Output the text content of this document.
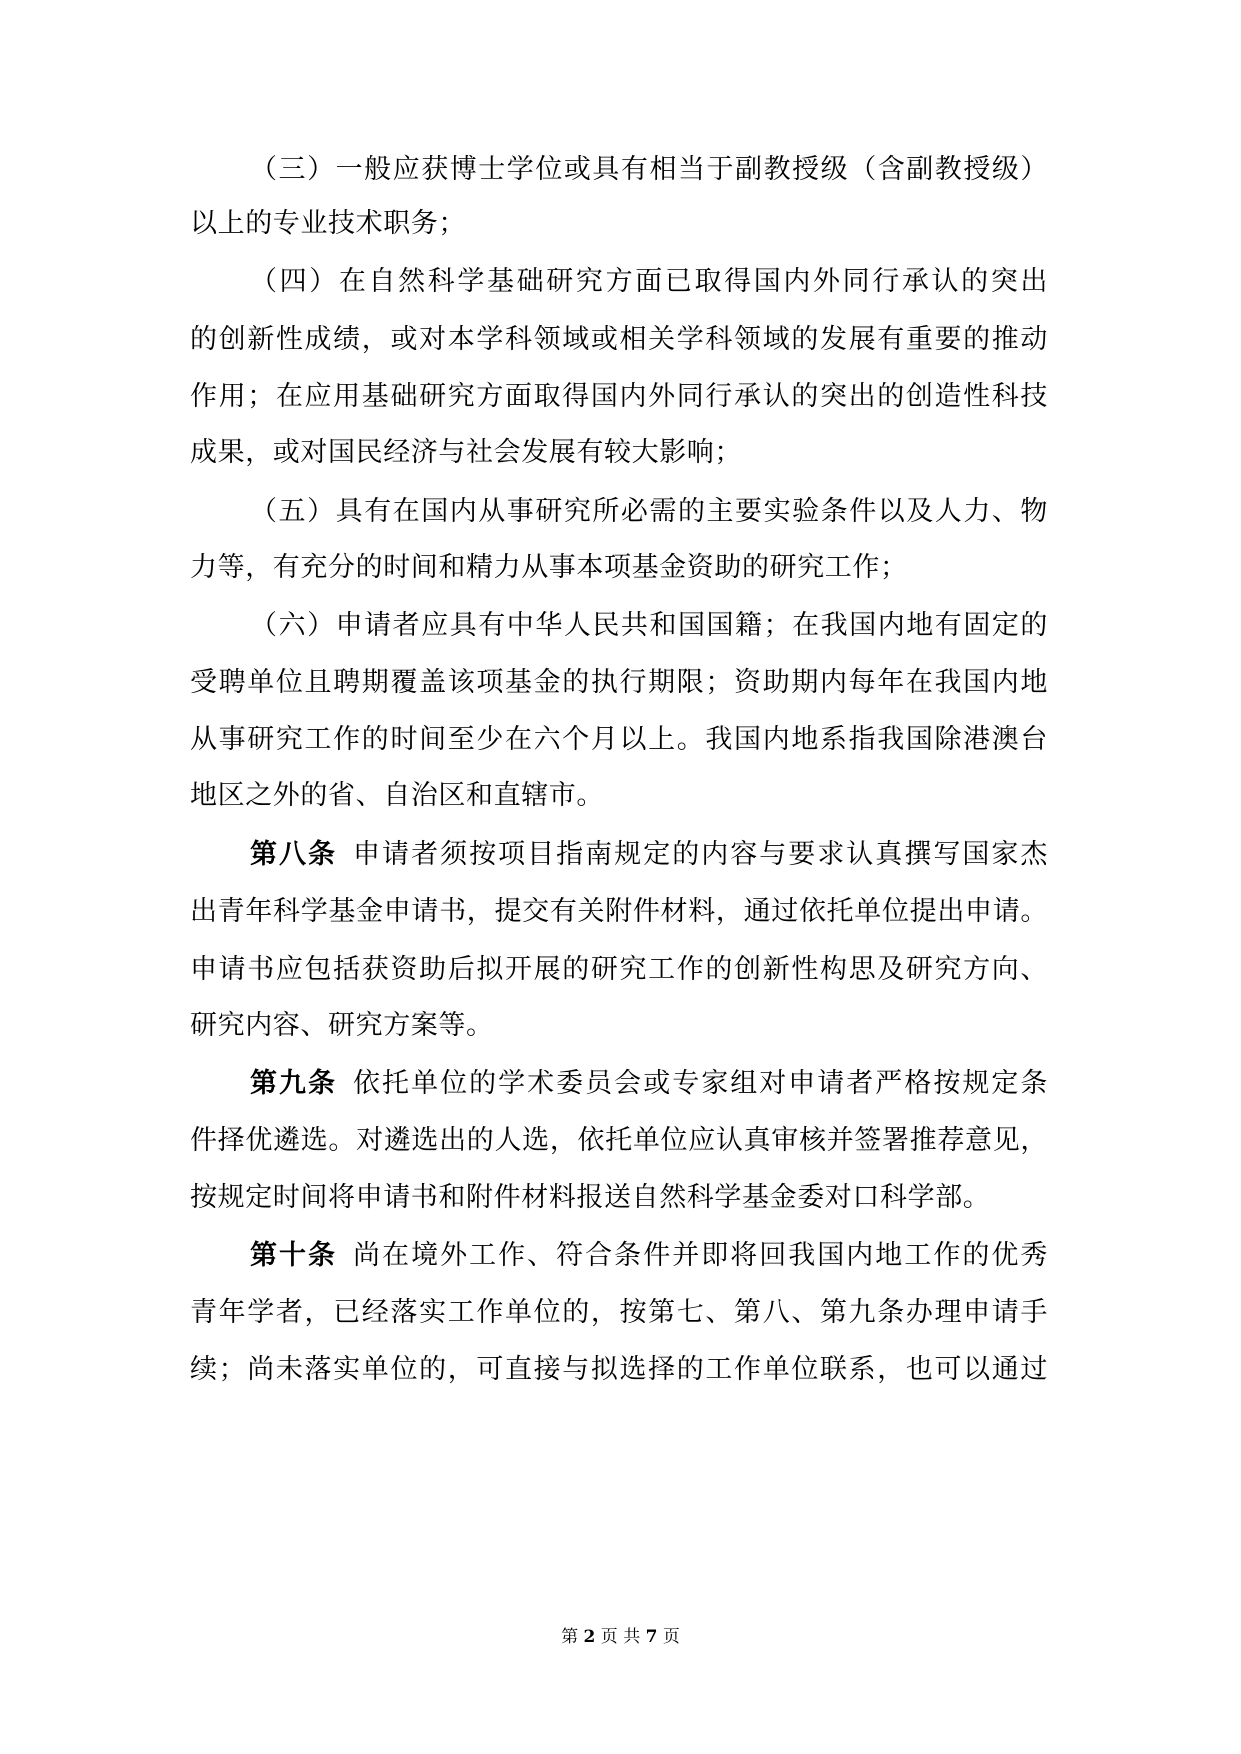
（三）一般应获博士学位或具有相当于副教授级（含副教授级）
以上的专业技术职务；
（四）在自然科学基础研究方面已取得国内外同行承认的突出
的创新性成绩，或对本学科领域或相关学科领域的发展有重要的推动
作用；在应用基础研究方面取得国内外同行承认的突出的创造性科技
成果，或对国民经济与社会发展有较大影响；
（五）具有在国内从事研究所必需的主要实验条件以及人力、物
力等，有充分的时间和精力从事本项基金资助的研究工作；
（六）申请者应具有中华人民共和国国籍；在我国内地有固定的
受聘单位且聘期覆盖该项基金的执行期限；资助期内每年在我国内地
从事研究工作的时间至少在六个月以上。我国内地系指我国除港澳台
地区之外的省、自治区和直辖市。
第八条 申请者须按项目指南规定的内容与要求认真撰写国家杰
出青年科学基金申请书，提交有关附件材料，通过依托单位提出申请。
申请书应包括获资助后拟开展的研究工作的创新性构思及研究方向、
研究内容、研究方案等。
第九条 依托单位的学术委员会或专家组对申请者严格按规定条
件择优遴选。对遴选出的人选，依托单位应认真审核并签署推荐意见，
按规定时间将申请书和附件材料报送自然科学基金委对口科学部。
第十条 尚在境外工作、符合条件并即将回我国内地工作的优秀
青年学者，已经落实工作单位的，按第七、第八、第九条办理申请手
续；尚未落实单位的，可直接与拟选择的工作单位联系，也可以通过
第 2 页 共 7 页
